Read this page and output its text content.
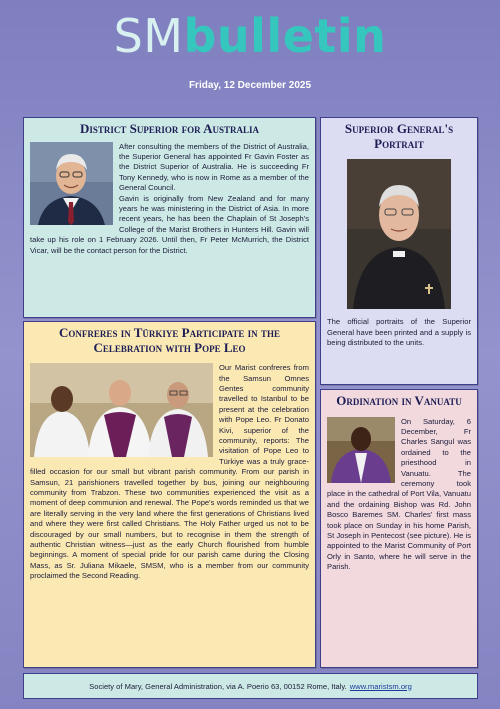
SMbulletin
Friday, 12 December 2025
District Superior for Australia

After consulting the members of the District of Australia, the Superior General has appointed Fr Gavin Foster as the District Superior of Australia. He is succeeding Fr Tony Kennedy, who is now in Rome as a member of the General Council.

Gavin is originally from New Zealand and for many years he was ministering in the District of Asia. In more recent years, he has been the Chaplain of St Joseph's College of the Marist Brothers in Hunters Hill. Gavin will take up his role on 1 February 2026. Until then, Fr Peter McMurrich, the District Vicar, will be the contact person for the District.

Superior General's Portrait
The official portraits of the Superior General have been printed and a supply is being distributed to the units.
Confreres in Türkiye Participate in the Celebration with Pope Leo

Our Marist confreres from the Samsun Omnes Gentes community travelled to Istanbul to be present at the celebration with Pope Leo. Fr Donato Kivi, superior of the community, reports: The visitation of Pope Leo to Türkiye was a truly grace-filled occasion for our small but vibrant parish community. From our parish in Samsun, 21 parishioners travelled together by bus, joining our neighbouring community from Trabzon. These two communities experienced the visit as a moment of deep communion and renewal. The Pope's words reminded us that we are literally serving in the very land where the first generations of Christians lived and where they were first called Christians. The Holy Father urged us not to be discouraged by our small numbers, but to recognise in them the strength of authentic Christian witness—just as the early Church flourished from humble beginnings. A moment of special pride for our parish came during the Closing Mass, as Sr. Juliana Mikaele, SMSM, who is a member from our community proclaimed the Second Reading.

Ordination in Vanuatu

On Saturday, 6 December, Fr Charles Sangul was ordained to the priesthood in Vanuatu. The ceremony took place in the cathedral of Port Vila, Vanuatu and the ordaining Bishop was Rd. John Bosco Baremes SM. Charles' first mass took place on Sunday in his home Parish, St Joseph in Pentecost (see picture). He is appointed to the Marist Community of Port Orly in Santo, where he will serve in the Parish.

Society of Mary, General Administration, via A. Poerio 63, 00152 Rome, Italy. www.maristsm.org
